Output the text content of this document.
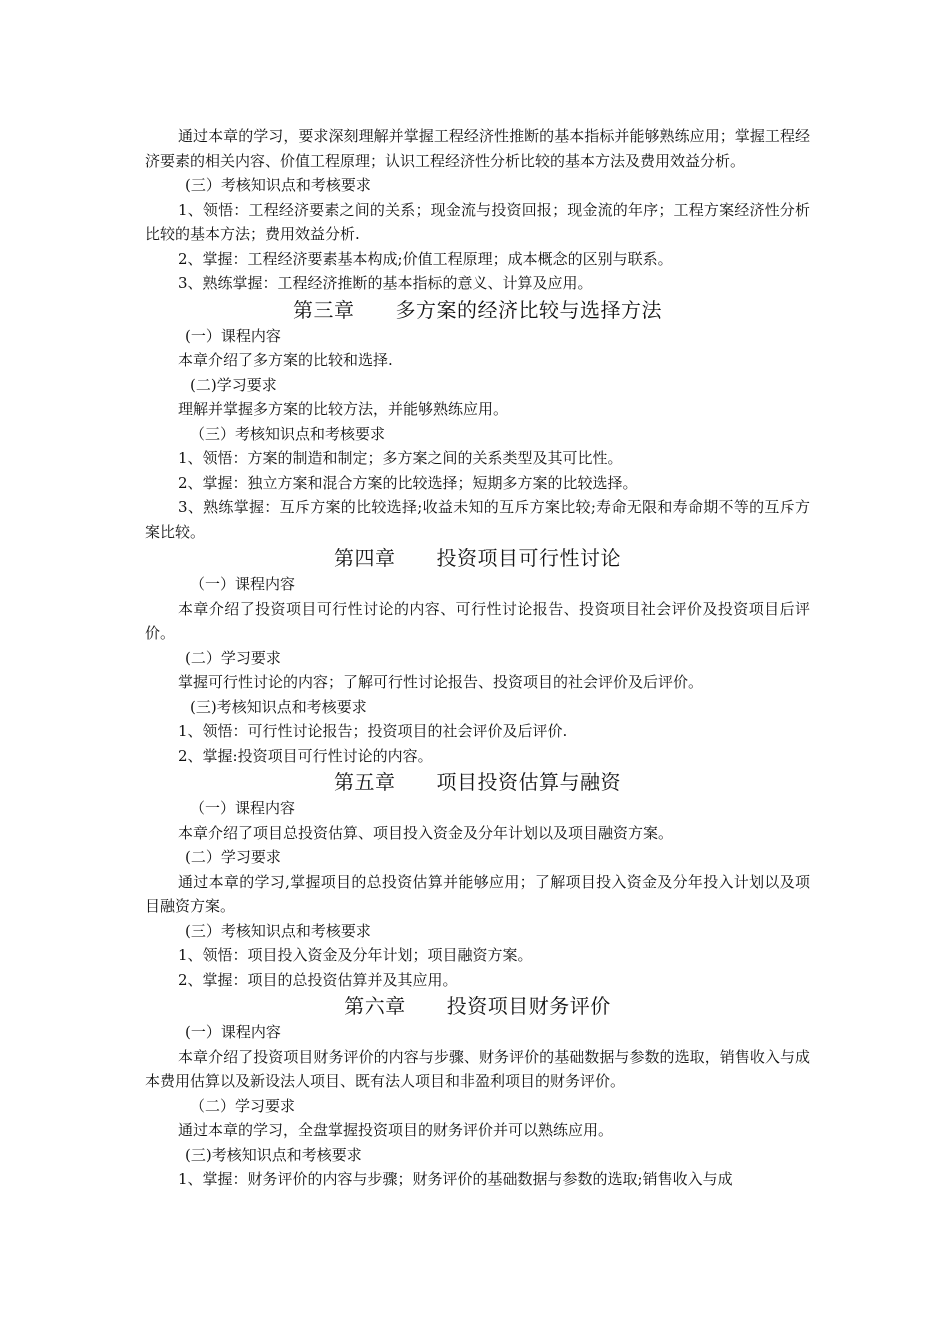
通过本章的学习，要求深刻理解并掌握工程经济性推断的基本指标并能够熟练应用；掌握工程经济要素的相关内容、价值工程原理；认识工程经济性分析比较的基本方法及费用效益分析。

(三）考核知识点和考核要求

1、领悟：工程经济要素之间的关系；现金流与投资回报；现金流的年序；工程方案经济性分析比较的基本方法；费用效益分析.

2、掌握：工程经济要素基本构成;价值工程原理；成本概念的区别与联系。

3、熟练掌握：工程经济推断的基本指标的意义、计算及应用。

第三章　　多方案的经济比较与选择方法

(一）课程内容

本章介绍了多方案的比较和选择.

(二)学习要求

理解并掌握多方案的比较方法，并能够熟练应用。

（三）考核知识点和考核要求

1、领悟：方案的制造和制定；多方案之间的关系类型及其可比性。

2、掌握：独立方案和混合方案的比较选择；短期多方案的比较选择。

3、熟练掌握：互斥方案的比较选择;收益未知的互斥方案比较;寿命无限和寿命期不等的互斥方案比较。

第四章　　投资项目可行性讨论

（一）课程内容

本章介绍了投资项目可行性讨论的内容、可行性讨论报告、投资项目社会评价及投资项目后评价。

(二）学习要求

掌握可行性讨论的内容；了解可行性讨论报告、投资项目的社会评价及后评价。

(三)考核知识点和考核要求

1、领悟：可行性讨论报告；投资项目的社会评价及后评价.

2、掌握:投资项目可行性讨论的内容。

第五章　　项目投资估算与融资

（一）课程内容

本章介绍了项目总投资估算、项目投入资金及分年计划以及项目融资方案。

(二）学习要求

通过本章的学习,掌握项目的总投资估算并能够应用；了解项目投入资金及分年投入计划以及项目融资方案。

(三）考核知识点和考核要求

1、领悟：项目投入资金及分年计划；项目融资方案。

2、掌握：项目的总投资估算并及其应用。

第六章　　投资项目财务评价

(一）课程内容

本章介绍了投资项目财务评价的内容与步骤、财务评价的基础数据与参数的选取，销售收入与成本费用估算以及新设法人项目、既有法人项目和非盈利项目的财务评价。

（二）学习要求

通过本章的学习，全盘掌握投资项目的财务评价并可以熟练应用。

(三)考核知识点和考核要求

1、掌握：财务评价的内容与步骤；财务评价的基础数据与参数的选取;销售收入与成
